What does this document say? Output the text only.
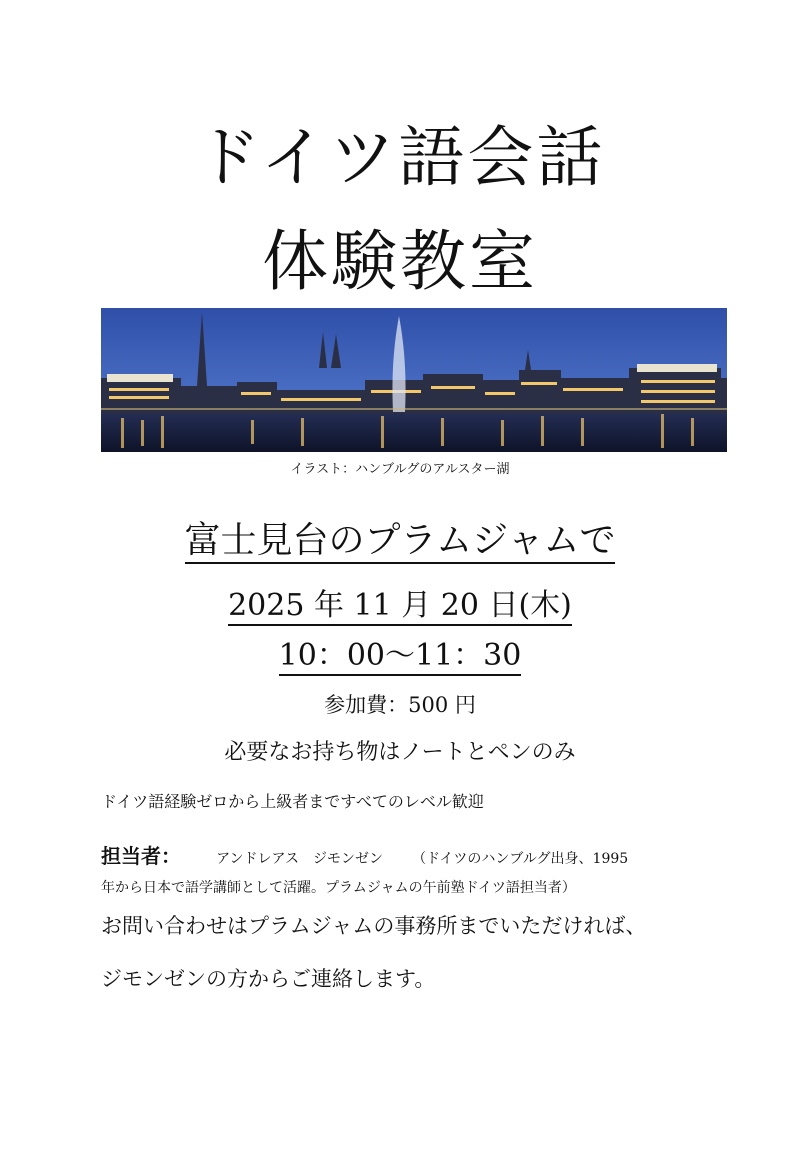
ドイツ語会話
体験教室
イラスト：ハンブルグのアルスター湖
富士見台のプラムジャムで
2025 年 11 月 20 日(木)
10：00〜11：30
参加費：500 円
必要なお持ち物はノートとペンのみ
ドイツ語経験ゼロから上級者まですべてのレベル歓迎
担当者：	アンドレアス　ジモンゼン （ドイツのハンブルグ出身、1995
年から日本で語学講師として活躍。プラムジャムの午前塾ドイツ語担当者）
お問い合わせはプラムジャムの事務所までいただければ、
ジモンゼンの方からご連絡します。
